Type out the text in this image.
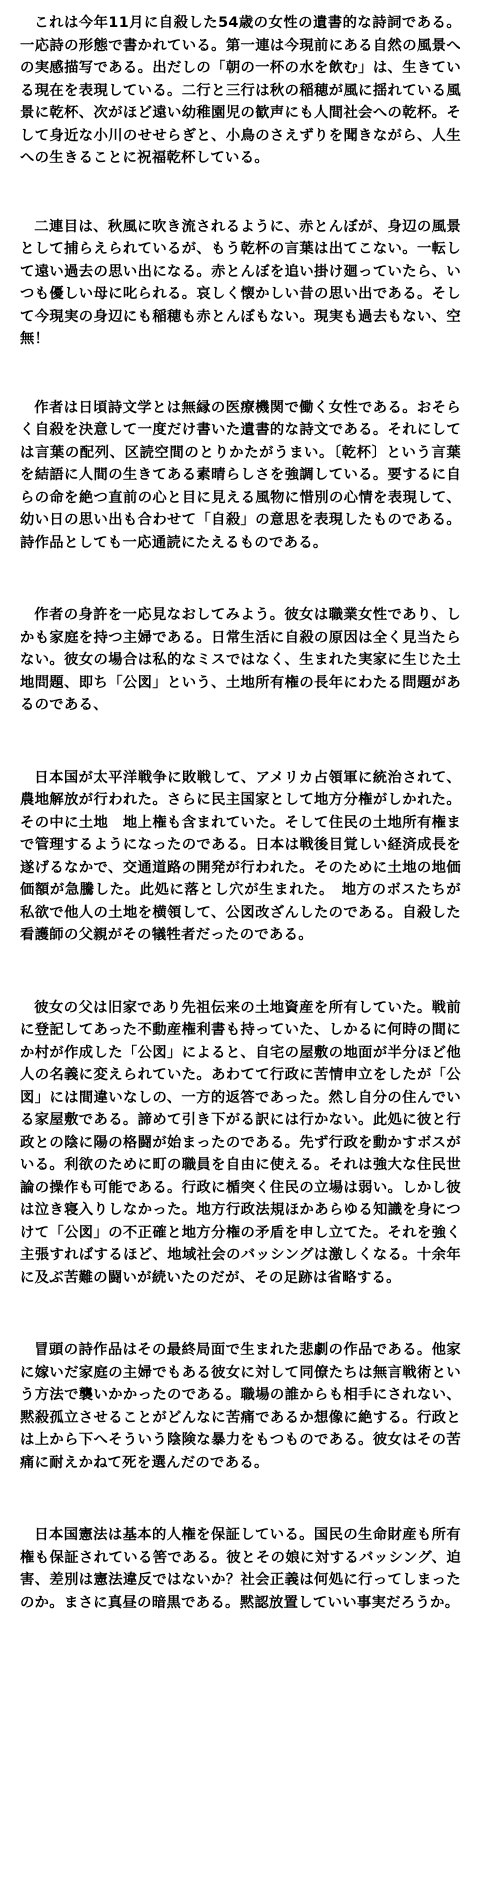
これは今年11月に自殺した54歳の女性の遺書的な詩詞である。一応詩の形態で書かれている。第一連は今現前にある自然の風景への実感描写である。出だしの「朝の一杯の水を飲む」は、生きている現在を表現している。二行と三行は秋の稲穂が風に揺れている風景に乾杯、次がほど遠い幼稚園児の歓声にも人間社会への乾杯。そして身近な小川のせせらぎと、小鳥のさえずりを聞きながら、人生への生きることに祝福乾杯している。

二連目は、秋風に吹き流されるように、赤とんぼが、身辺の風景として捕らえられているが、もう乾杯の言葉は出てこない。一転して遠い過去の思い出になる。赤とんぼを追い掛け廻っていたら、いつも優しい母に叱られる。哀しく懐かしい昔の思い出である。そして今現実の身辺にも稲穂も赤とんぼもない。現実も過去もない、空無！

作者は日頃詩文学とは無縁の医療機関で働く女性である。おそらく自殺を決意して一度だけ書いた遺書的な詩文である。それにしては言葉の配列、区読空間のとりかたがうまい。〔乾杯〕という言葉を結語に人間の生きてある素晴らしさを強調している。要するに自らの命を絶つ直前の心と目に見える風物に惜別の心情を表現して、幼い日の思い出も合わせて「自殺」の意思を表現したものである。詩作品としても一応通読にたえるものである。

作者の身許を一応見なおしてみよう。彼女は職業女性であり、しかも家庭を持つ主婦である。日常生活に自殺の原因は全く見当たらない。彼女の場合は私的なミスではなく、生まれた実家に生じた土地問題、即ち「公図」という、土地所有権の長年にわたる問題があるのである、

日本国が太平洋戦争に敗戦して、アメリカ占領軍に統治されて、農地解放が行われた。さらに民主国家として地方分権がしかれた。その中に土地　地上権も含まれていた。そして住民の土地所有権まで管理するようになったのである。日本は戦後目覚しい経済成長を遂げるなかで、交通道路の開発が行われた。そのために土地の地価価額が急騰した。此処に落とし穴が生まれた。　地方のボスたちが私欲で他人の土地を横領して、公図改ざんしたのである。自殺した看護師の父親がその犠牲者だったのである。

彼女の父は旧家であり先祖伝来の土地資産を所有していた。戦前に登記してあった不動産権利書も持っていた、しかるに何時の間にか村が作成した「公図」によると、自宅の屋敷の地面が半分ほど他人の名義に変えられていた。あわてて行政に苦情申立をしたが「公図」には間違いなしの、一方的返答であった。然し自分の住んでいる家屋敷である。諦めて引き下がる訳には行かない。此処に彼と行政との陰に陽の格闘が始まったのである。先ず行政を動かすボスがいる。利欲のために町の職員を自由に使える。それは強大な住民世論の操作も可能である。行政に楯突く住民の立場は弱い。しかし彼は泣き寝入りしなかった。地方行政法規ほかあらゆる知識を身につけて「公図」の不正確と地方分権の矛盾を申し立てた。それを強く主張すればするほど、地域社会のバッシングは激しくなる。十余年に及ぶ苦難の闘いが続いたのだが、その足跡は省略する。

冒頭の詩作品はその最終局面で生まれた悲劇の作品である。他家に嫁いだ家庭の主婦でもある彼女に対して同僚たちは無言戦術という方法で襲いかかったのである。職場の誰からも相手にされない、黙殺孤立させることがどんなに苦痛であるか想像に絶する。行政とは上から下へそういう陰険な暴力をもつものである。彼女はその苦痛に耐えかねて死を選んだのである。

日本国憲法は基本的人権を保証している。国民の生命財産も所有権も保証されている筈である。彼とその娘に対するバッシング、迫害、差別は憲法違反ではないか？社会正義は何処に行ってしまったのか。まさに真昼の暗黒である。黙認放置していい事実だろうか。
